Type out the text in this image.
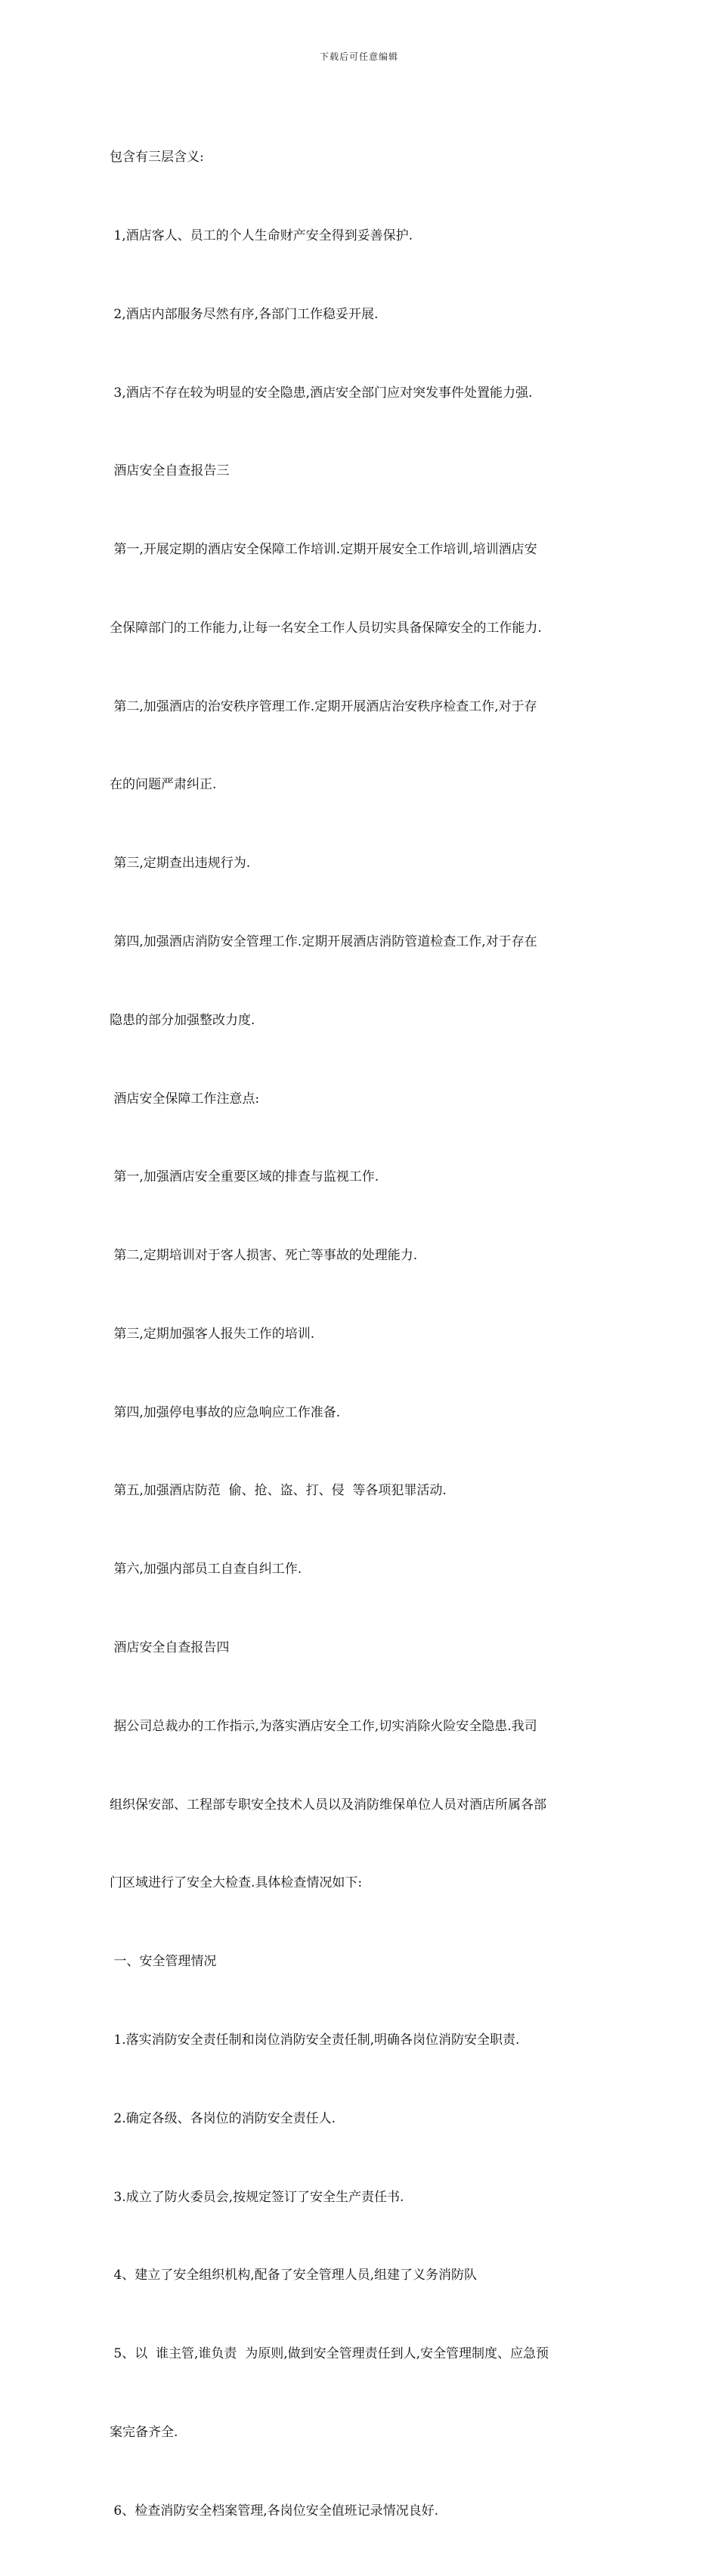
下载后可任意编辑

包含有三层含义:

1,酒店客人、员工的个人生命财产安全得到妥善保护.

2,酒店内部服务尽然有序,各部门工作稳妥开展.

3,酒店不存在较为明显的安全隐患,酒店安全部门应对突发事件处置能力强.

酒店安全自查报告三

第一,开展定期的酒店安全保障工作培训.定期开展安全工作培训,培训酒店安

全保障部门的工作能力,让每一名安全工作人员切实具备保障安全的工作能力.

第二,加强酒店的治安秩序管理工作.定期开展酒店治安秩序检查工作,对于存

在的问题严肃纠正.

第三,定期查出违规行为.

第四,加强酒店消防安全管理工作.定期开展酒店消防管道检查工作,对于存在

隐患的部分加强整改力度.

酒店安全保障工作注意点:

第一,加强酒店安全重要区域的排查与监视工作.

第二,定期培训对于客人损害、死亡等事故的处理能力.

第三,定期加强客人报失工作的培训.

第四,加强停电事故的应急响应工作准备.

第五,加强酒店防范  偷、抢、盗、打、侵  等各项犯罪活动.

第六,加强内部员工自查自纠工作.

酒店安全自查报告四

据公司总裁办的工作指示,为落实酒店安全工作,切实消除火险安全隐患.我司

组织保安部、工程部专职安全技术人员以及消防维保单位人员对酒店所属各部

门区域进行了安全大检查.具体检查情况如下:

一、安全管理情况

1.落实消防安全责任制和岗位消防安全责任制,明确各岗位消防安全职责.

2.确定各级、各岗位的消防安全责任人.

3.成立了防火委员会,按规定签订了安全生产责任书.

4、建立了安全组织机构,配备了安全管理人员,组建了义务消防队

5、以  谁主管,谁负责  为原则,做到安全管理责任到人,安全管理制度、应急预

案完备齐全.

6、检查消防安全档案管理,各岗位安全值班记录情况良好.
